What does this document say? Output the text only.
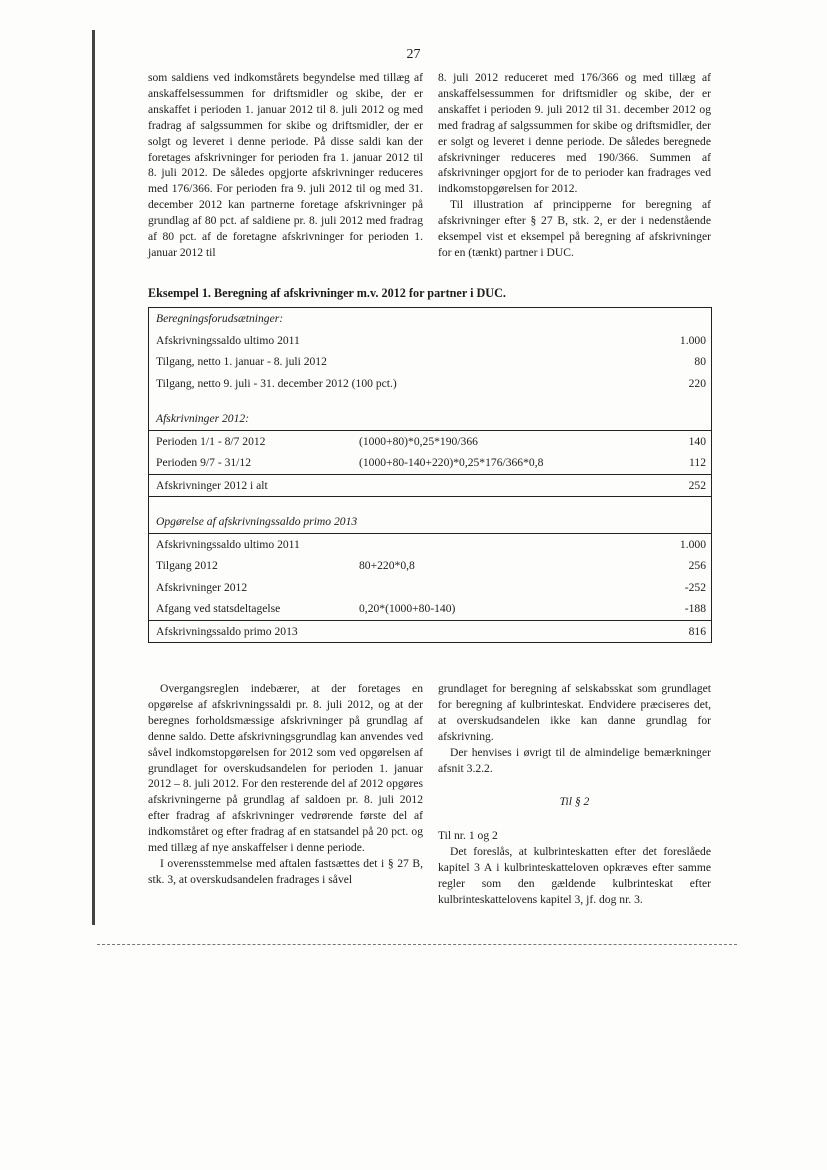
27

som saldiens ved indkomstårets begyndelse med tillæg af anskaffelsessummen for driftsmidler og skibe, der er anskaffet i perioden 1. januar 2012 til 8. juli 2012 og med fradrag af salgssummen for skibe og driftsmidler, der er solgt og leveret i denne periode. På disse saldi kan der foretages afskrivninger for perioden fra 1. januar 2012 til 8. juli 2012. De således opgjorte afskrivninger reduceres med 176/366. For perioden fra 9. juli 2012 til og med 31. december 2012 kan partnerne foretage afskrivninger på grundlag af 80 pct. af saldiene pr. 8. juli 2012 med fradrag af 80 pct. af de foretagne afskrivninger for perioden 1. januar 2012 til

8. juli 2012 reduceret med 176/366 og med tillæg af anskaffelsessummen for driftsmidler og skibe, der er anskaffet i perioden 9. juli 2012 til 31. december 2012 og med fradrag af salgssummen for skibe og driftsmidler, der er solgt og leveret i denne periode. De således beregnede afskrivninger reduceres med 190/366. Summen af afskrivninger opgjort for de to perioder kan fradrages ved indkomstopgørelsen for 2012.

Til illustration af principperne for beregning af afskrivninger efter § 27 B, stk. 2, er der i nedenstående eksempel vist et eksempel på beregning af afskrivninger for en (tænkt) partner i DUC.

Eksempel 1. Beregning af afskrivninger m.v. 2012 for partner i DUC.
Beregningsforudsætninger:
Afskrivningssaldo ultimo 2011	1.000
Tilgang, netto 1. januar - 8. juli 2012	80
Tilgang, netto 9. juli - 31. december 2012 (100 pct.)	220
Afskrivninger 2012:
Perioden 1/1 - 8/7 2012	(1000+80)*0,25*190/366	140
Perioden 9/7 - 31/12	(1000+80-140+220)*0,25*176/366*0,8	112
Afskrivninger 2012 i alt	252
Opgørelse af afskrivningssaldo primo 2013
Afskrivningssaldo ultimo 2011	1.000
Tilgang 2012	80+220*0,8	256
Afskrivninger 2012	-252
Afgang ved statsdeltagelse	0,20*(1000+80-140)	-188
Afskrivningssaldo primo 2013	816

Overgangsreglen indebærer, at der foretages en opgørelse af afskrivningssaldi pr. 8. juli 2012, og at der beregnes forholdsmæssige afskrivninger på grundlag af denne saldo. Dette afskrivningsgrundlag kan anvendes ved såvel indkomstopgørelsen for 2012 som ved opgørelsen af grundlaget for overskudsandelen for perioden 1. januar 2012 – 8. juli 2012. For den resterende del af 2012 opgøres afskrivningerne på grundlag af saldoen pr. 8. juli 2012 efter fradrag af afskrivninger vedrørende første del af indkomståret og efter fradrag af en statsandel på 20 pct. og med tillæg af nye anskaffelser i denne periode.

I overensstemmelse med aftalen fastsættes det i § 27 B, stk. 3, at overskudsandelen fradrages i såvel

grundlaget for beregning af selskabsskat som grundlaget for beregning af kulbrinteskat. Endvidere præciseres det, at overskudsandelen ikke kan danne grundlag for afskrivning.

Der henvises i øvrigt til de almindelige bemærkninger afsnit 3.2.2.

Til § 2

Til nr. 1 og 2

Det foreslås, at kulbrinteskatten efter det foreslåede kapitel 3 A i kulbrinteskatteloven opkræves efter samme regler som den gældende kulbrinteskat efter kulbrinteskattelovens kapitel 3, jf. dog nr. 3.
